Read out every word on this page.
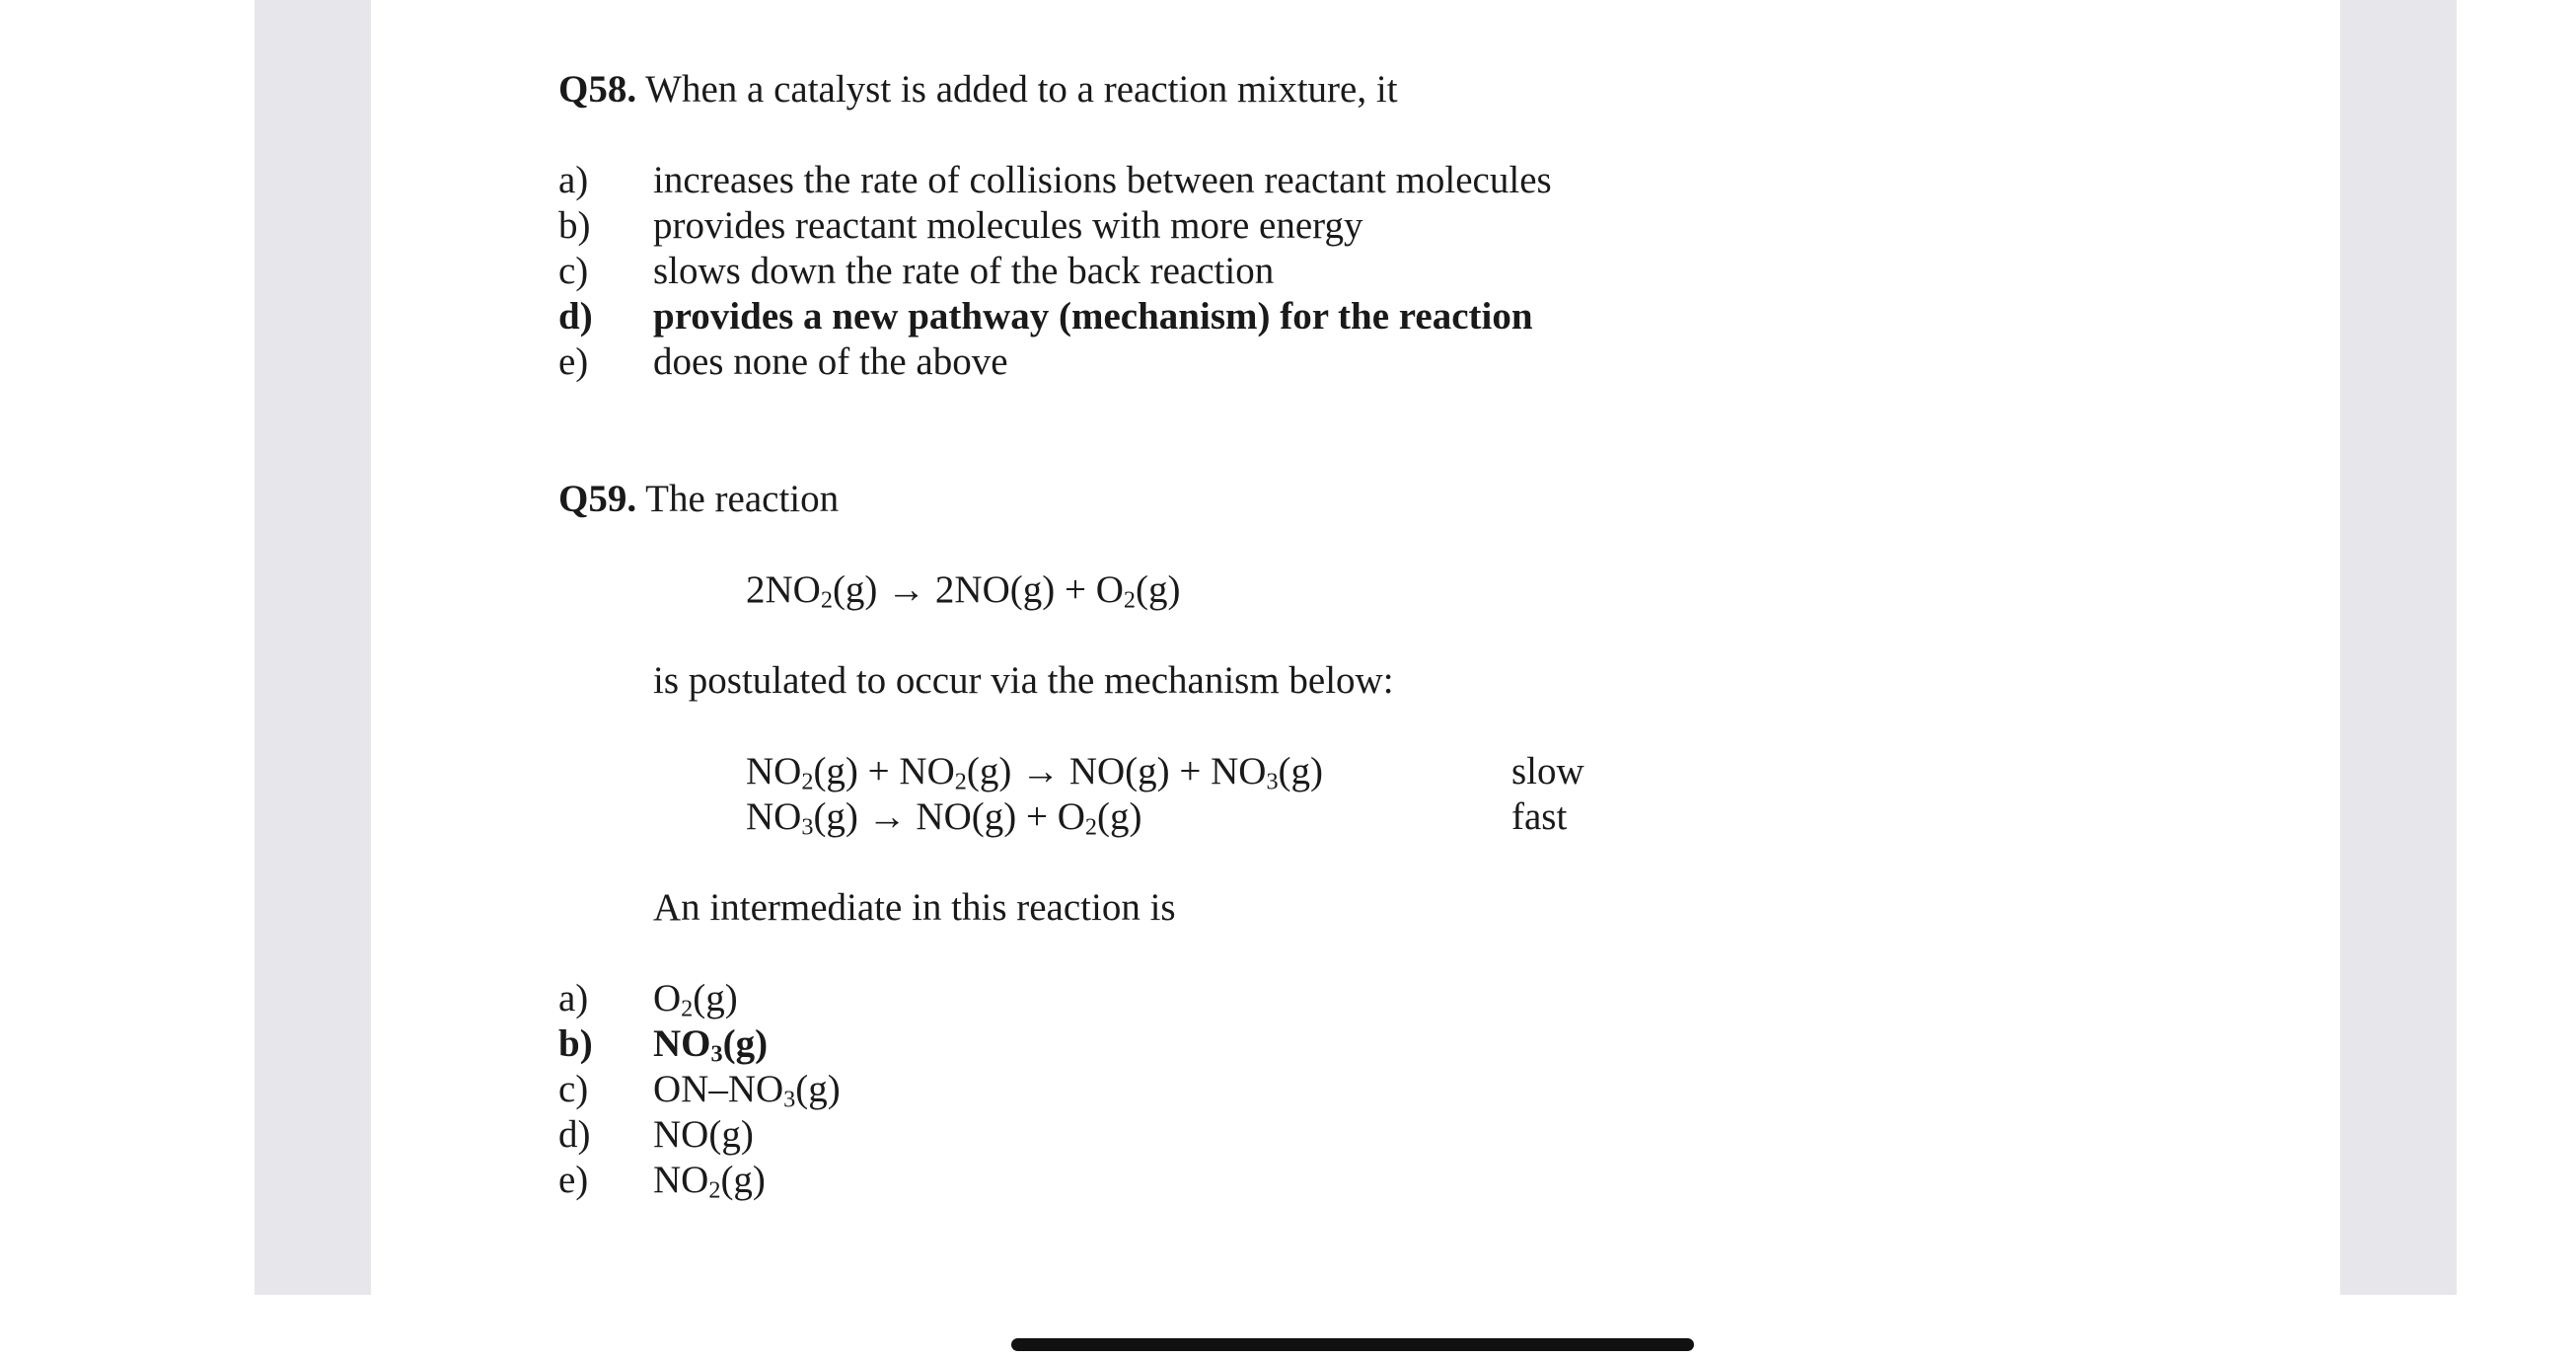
Q58. When a catalyst is added to a reaction mixture, it
a)	increases the rate of collisions between reactant molecules
b)	provides reactant molecules with more energy
c)	slows down the rate of the back reaction
d)	provides a new pathway (mechanism) for the reaction
e)	does none of the above
Q59. The reaction
$2NO_2(g) \to 2NO(g) + O_2(g)$
is postulated to occur via the mechanism below:
$NO_2(g) + NO_2(g) \to NO(g) + NO_3(g)$	slow
$NO_3(g) \to NO(g) + O_2(g)$	fast
An intermediate in this reaction is
a)	$O_2(g)$
b)	$NO_3(g)$
c)	$ON-NO_3(g)$
d)	NO(g)
e)	$NO_2(g)$
